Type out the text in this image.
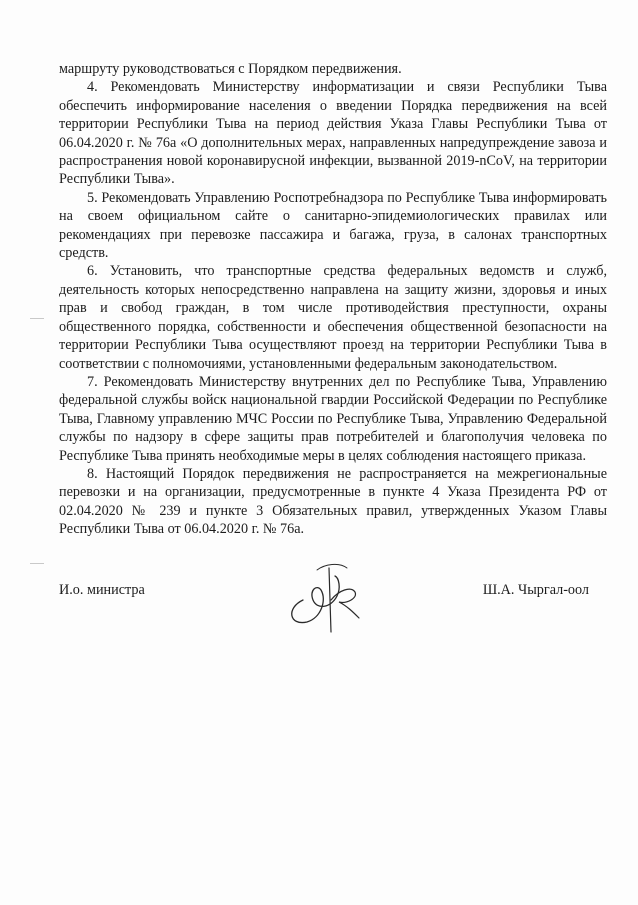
маршруту руководствоваться с Порядком передвижения.

4. Рекомендовать Министерству информатизации и связи Республики Тыва обеспечить информирование населения о введении Порядка передвижения на всей территории Республики Тыва на период действия Указа Главы Республики Тыва от 06.04.2020 г. № 76а «О дополнительных мерах, направленных напредупреждение завоза и распространения новой коронавирусной инфекции, вызванной 2019-nCoV, на территории Республики Тыва».

5. Рекомендовать Управлению Роспотребнадзора по Республике Тыва информировать на своем официальном сайте о санитарно-эпидемиологических правилах или рекомендациях при перевозке пассажира и багажа, груза, в салонах транспортных средств.

6. Установить, что транспортные средства федеральных ведомств и служб, деятельность которых непосредственно направлена на защиту жизни, здоровья и иных прав и свобод граждан, в том числе противодействия преступности, охраны общественного порядка, собственности и обеспечения общественной безопасности на территории Республики Тыва осуществляют проезд на территории Республики Тыва в соответствии с полномочиями, установленными федеральным законодательством.

7. Рекомендовать Министерству внутренних дел по Республике Тыва, Управлению федеральной службы войск национальной гвардии Российской Федерации по Республике Тыва, Главному управлению МЧС России по Республике Тыва, Управлению Федеральной службы по надзору в сфере защиты прав потребителей и благополучия человека по Республике Тыва принять необходимые меры в целях соблюдения настоящего приказа.

8. Настоящий Порядок передвижения не распространяется на межрегиональные перевозки и на организации, предусмотренные в пункте 4 Указа Президента РФ от 02.04.2020 № 239 и пункте 3 Обязательных правил, утвержденных Указом Главы Республики Тыва от 06.04.2020 г. № 76а.

И.о. министра	Ш.А. Чыргал-оол
